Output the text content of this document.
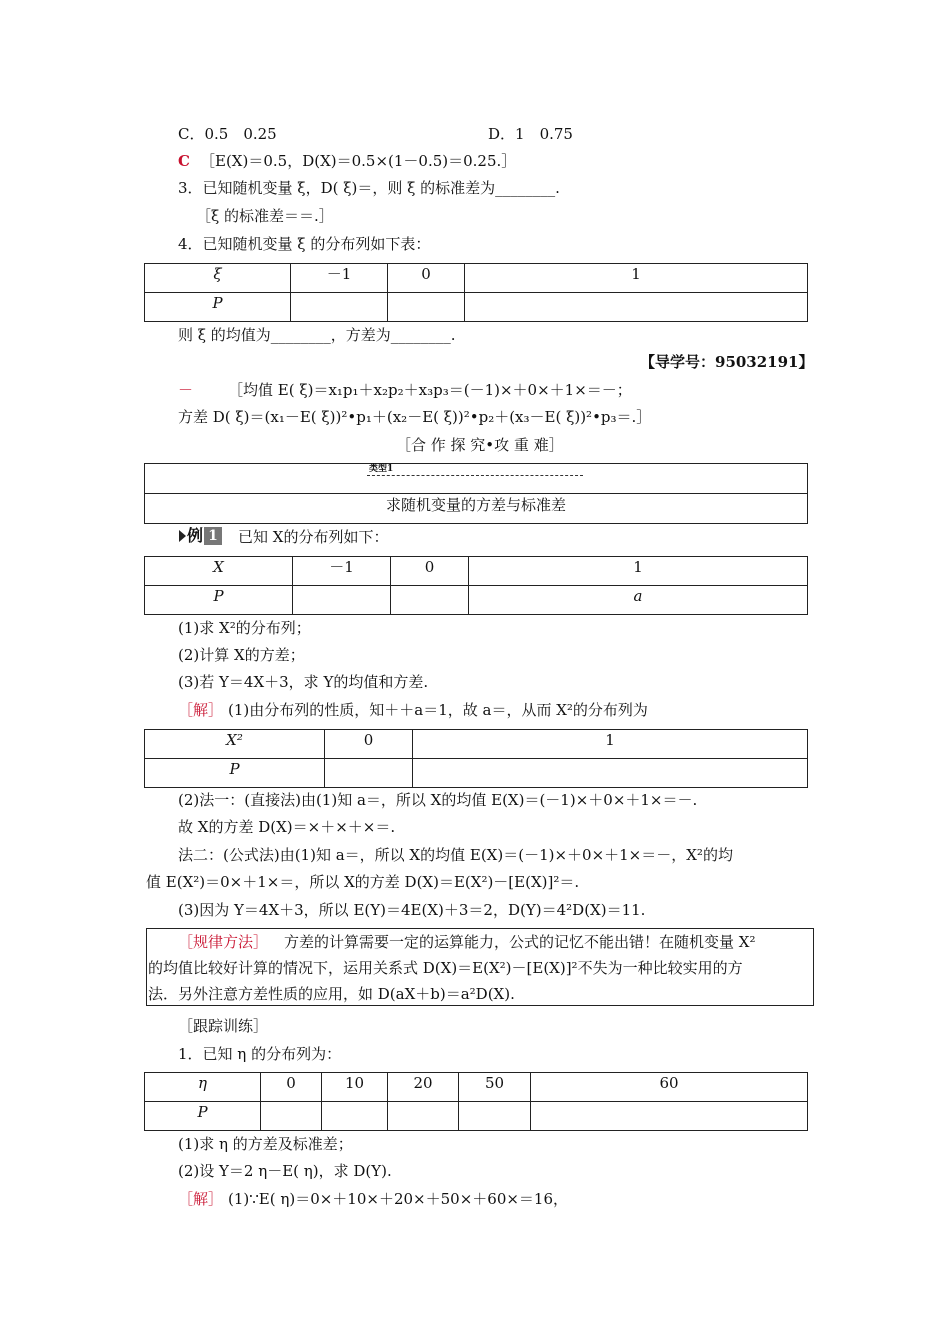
C．0.5　0.25	D．1　0.75
C ［E(X)＝0.5，D(X)＝0.5×(1－0.5)＝0.25.］
3．已知随机变量 ξ，D( ξ)＝，则 ξ 的标准差为________.
［ξ 的标准差＝＝.］
4．已知随机变量 ξ 的分布列如下表：
ξ	－1	0	1
P			
则 ξ 的均值为________，方差为________.
【导学号：95032191】
－ ［均值 E( ξ)＝x₁p₁＋x₂p₂＋x₃p₃＝(－1)×＋0×＋1×＝－；
方差 D( ξ)＝(x₁－E( ξ))²•p₁＋(x₂－E( ξ))²•p₂＋(x₃－E( ξ))²•p₃＝.］
［合 作 探 究•攻 重 难］
类型1
求随机变量的方差与标准差
例 1 已知 X的分布列如下：
X	－1	0	1
P			a
(1)求 X²的分布列；
(2)计算 X的方差；
(3)若 Y＝4X＋3，求 Y的均值和方差.
［解］ (1)由分布列的性质，知＋＋a＝1，故 a＝，从而 X²的分布列为
X²	0	1
P		
(2)法一：(直接法)由(1)知 a＝，所以 X的均值 E(X)＝(－1)×＋0×＋1×＝－.
故 X的方差 D(X)＝×＋×＋×＝.
法二：(公式法)由(1)知 a＝，所以 X的均值 E(X)＝(－1)×＋0×＋1×＝－，X²的均
值 E(X²)＝0×＋1×＝，所以 X的方差 D(X)＝E(X²)－[E(X)]²＝.
(3)因为 Y＝4X＋3，所以 E(Y)＝4E(X)＋3＝2，D(Y)＝4²D(X)＝11.
［规律方法］ 方差的计算需要一定的运算能力，公式的记忆不能出错！在随机变量 X²
的均值比较好计算的情况下，运用关系式 D(X)＝E(X²)－[E(X)]²不失为一种比较实用的方
法．另外注意方差性质的应用，如 D(aX＋b)＝a²D(X).
［跟踪训练］
1．已知 η 的分布列为：
η	0	10	20	50	60
P					
(1)求 η 的方差及标准差；
(2)设 Y＝2 η－E( η)，求 D(Y).
［解］ (1)∵E( η)＝0×＋10×＋20×＋50×＋60×＝16，
